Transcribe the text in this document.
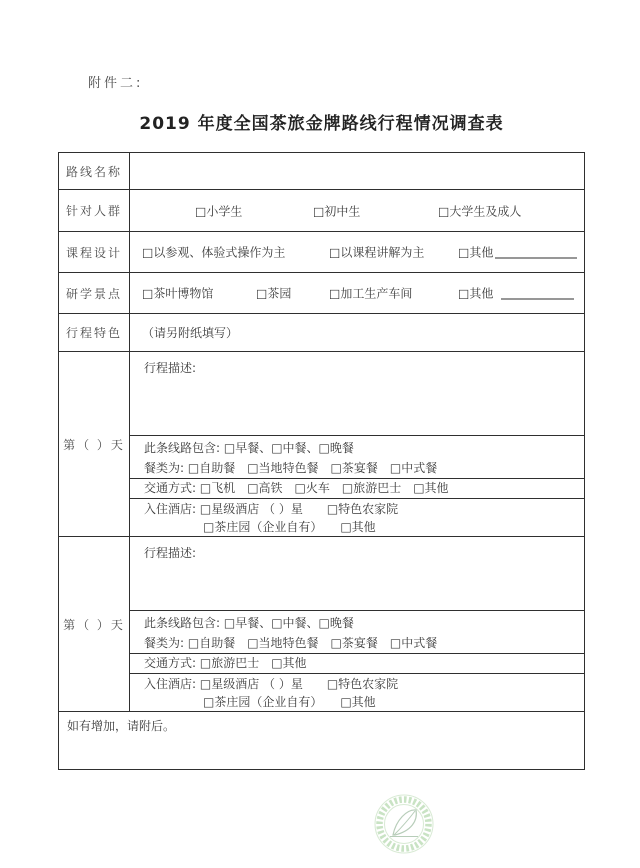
附件二:
2019 年度全国茶旅金牌路线行程情况调查表
路线名称
针对人群	□小学生	□初中生	□大学生及成人
课程设计	□以参观、体验式操作为主	□以课程讲解为主	□其他
研学景点	□茶叶博物馆	□茶园	□加工生产车间	□其他
行程特色	（请另附纸填写）
第（ ）天
行程描述:
此条线路包含: □早餐、□中餐、□晚餐
餐类为: □自助餐　□当地特色餐　□茶宴餐　□中式餐
交通方式: □飞机　□高铁　□火车　□旅游巴士　□其他
入住酒店: □星级酒店 （ ）星　　□特色农家院
□茶庄园（企业自有）　　□其他
第（ ）天
行程描述:
此条线路包含: □早餐、□中餐、□晚餐
餐类为: □自助餐　□当地特色餐　□茶宴餐　□中式餐
交通方式: □旅游巴士　□其他
入住酒店: □星级酒店 （ ）星　　□特色农家院
□茶庄园（企业自有）　　□其他
如有增加，请附后。
